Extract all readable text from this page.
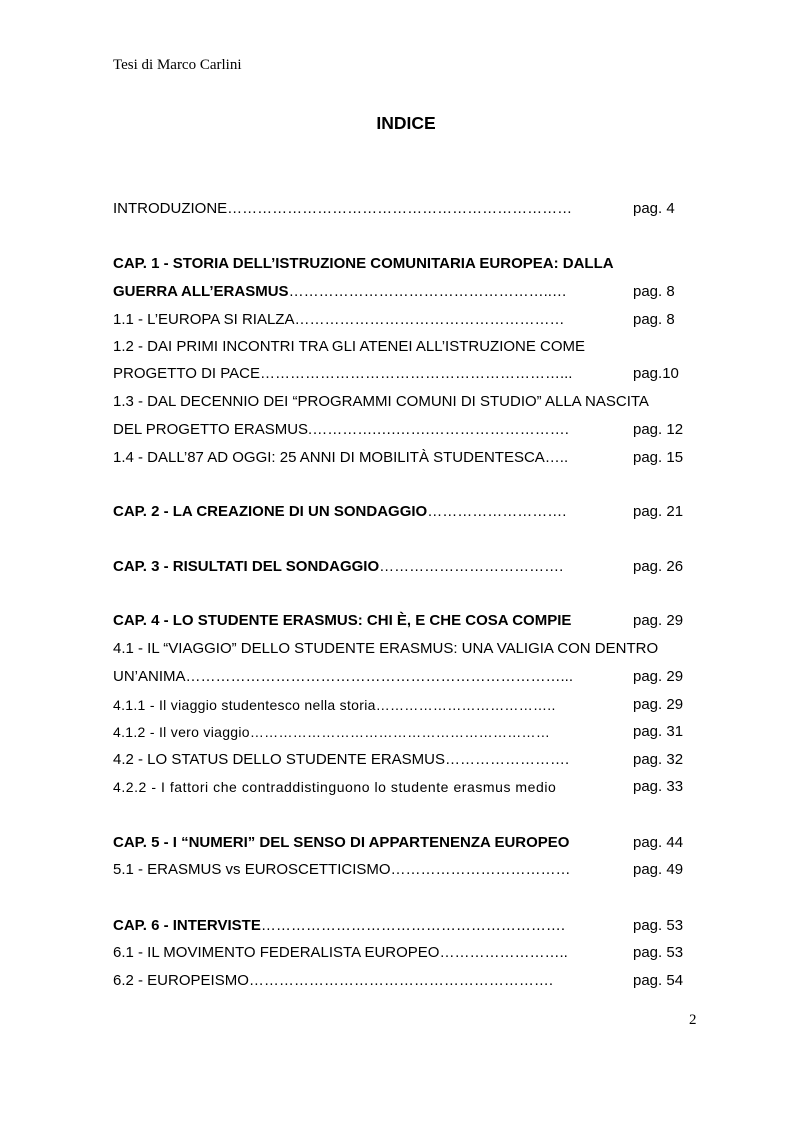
Tesi di Marco Carlini
INDICE
INTRODUZIONE……………………………………………………………	pag. 4
CAP. 1 - STORIA DELL’ISTRUZIONE COMUNITARIA EUROPEA: DALLA
GUERRA ALL’ERASMUS……………………………………………..…	pag. 8
1.1 - L’EUROPA SI RIALZA………………………………………………	pag. 8
1.2 - DAI PRIMI INCONTRI TRA GLI ATENEI ALL’ISTRUZIONE COME
PROGETTO DI PACE……………………………………………………...	pag.10
1.3 - DAL DECENNIO DEI “PROGRAMMI COMUNI DI STUDIO” ALLA NASCITA
DEL PROGETTO ERASMUS.………….….…….……………………….	pag. 12
1.4 - DALL’87 AD OGGI: 25 ANNI DI MOBILITÀ STUDENTESCA…..	pag. 15
CAP. 2 - LA CREAZIONE DI UN SONDAGGIO……………………….	pag. 21
CAP. 3 - RISULTATI DEL SONDAGGIO……………………………….	pag. 26
CAP. 4 - LO STUDENTE ERASMUS: CHI È, E CHE COSA COMPIE	pag. 29
4.1 - IL “VIAGGIO” DELLO STUDENTE ERASMUS: UNA VALIGIA CON DENTRO
UN’ANIMA…………………………………………………………………...	pag. 29
4.1.1 - Il viaggio studentesco nella storia………………………………..	pag. 29
4.1.2 - Il vero viaggio………………………………………………………	pag. 31
4.2 - LO STATUS DELLO STUDENTE ERASMUS…………………….	pag. 32
4.2.2 - I fattori che contraddistinguono lo studente erasmus medio	pag. 33
CAP. 5 - I “NUMERI” DEL SENSO DI APPARTENENZA EUROPEO	pag. 44
5.1 - ERASMUS vs EUROSCETTICISMO………………………………	pag. 49
CAP. 6 - INTERVISTE…………………………………………………….	pag. 53
6.1 - IL MOVIMENTO FEDERALISTA EUROPEO……………………..	pag. 53
6.2 - EUROPEISMO…………………………………………………….	pag. 54
2
